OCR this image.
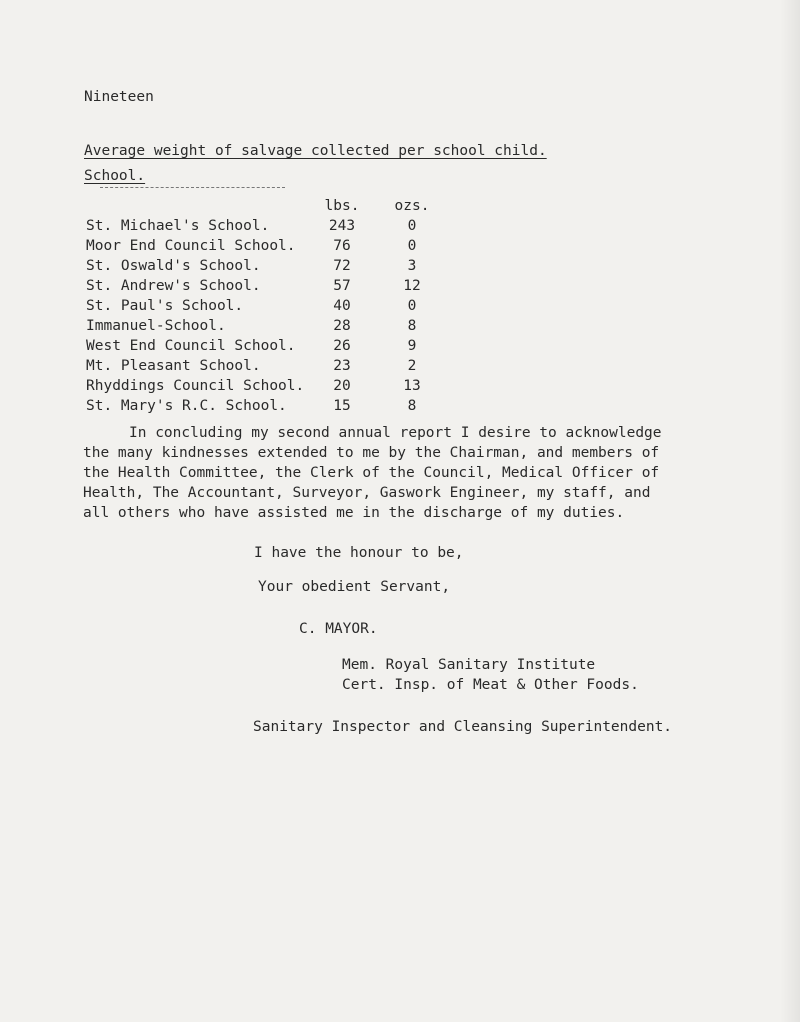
Nineteen
Average weight of salvage collected per school child.
School.
	lbs.	ozs.
St. Michael's School.	243	0
Moor End Council School.	76	0
St. Oswald's School.	72	3
St. Andrew's School.	57	12
St. Paul's School.	40	0
Immanuel-School.	28	8
West End Council School.	26	9
Mt. Pleasant School.	23	2
Rhyddings Council School.	20	13
St. Mary's R.C. School.	15	8
In concluding my second annual report I desire to acknowledge
the many kindnesses extended to me by the Chairman, and members of
the Health Committee, the Clerk of the Council, Medical Officer of
Health, The Accountant, Surveyor, Gaswork Engineer, my staff, and
all others who have assisted me in the discharge of my duties.
I have the honour to be,
Your obedient Servant,
C. MAYOR.
Mem. Royal Sanitary Institute
Cert. Insp. of Meat & Other Foods.
Sanitary Inspector and Cleansing Superintendent.
